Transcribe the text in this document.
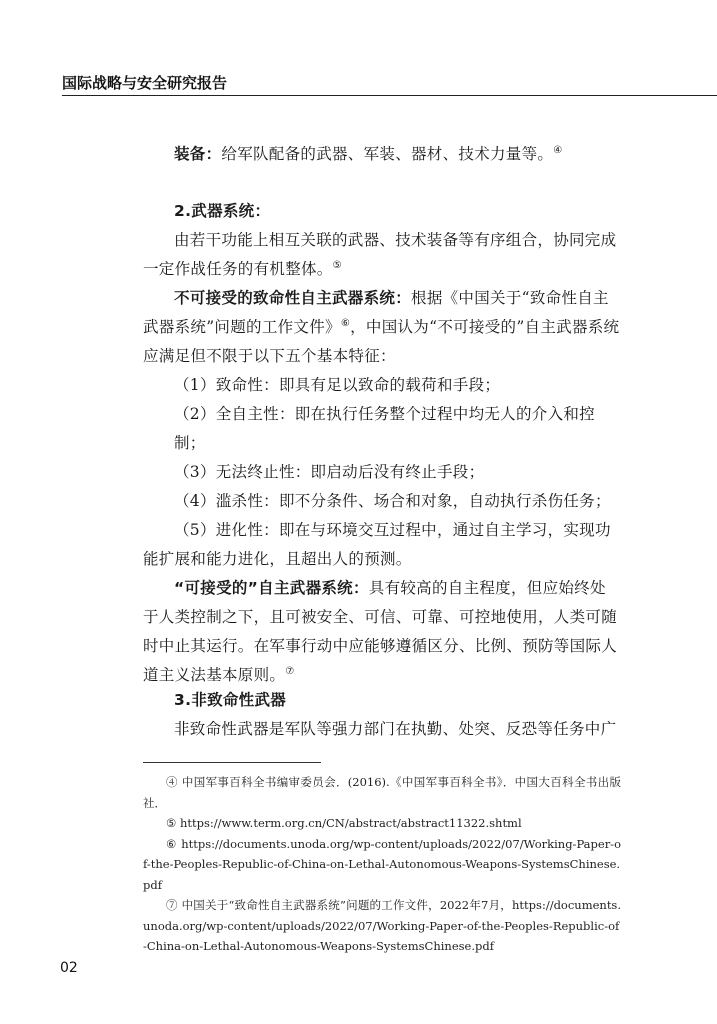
国际战略与安全研究报告

装备：给军队配备的武器、军装、器材、技术力量等。④

2.武器系统：

由若干功能上相互关联的武器、技术装备等有序组合，协同完成一定作战任务的有机整体。⑤

不可接受的致命性自主武器系统：根据《中国关于“致命性自主武器系统”问题的工作文件》⑥，中国认为“不可接受的”自主武器系统应满足但不限于以下五个基本特征：

（1）致命性：即具有足以致命的载荷和手段；

（2）全自主性：即在执行任务整个过程中均无人的介入和控制；

（3）无法终止性：即启动后没有终止手段；

（4）滥杀性：即不分条件、场合和对象，自动执行杀伤任务；

（5）进化性：即在与环境交互过程中，通过自主学习，实现功能扩展和能力进化，且超出人的预测。

“可接受的”自主武器系统：具有较高的自主程度，但应始终处于人类控制之下，且可被安全、可信、可靠、可控地使用，人类可随时中止其运行。在军事行动中应能够遵循区分、比例、预防等国际人道主义法基本原则。⑦

3.非致命性武器

非致命性武器是军队等强力部门在执勤、处突、反恐等任务中广

④ 中国军事百科全书编审委员会．(2016).《中国军事百科全书》．中国大百科全书出版社．

⑤ https://www.term.org.cn/CN/abstract/abstract11322.shtml

⑥ https://documents.unoda.org/wp-content/uploads/2022/07/Working-Paper-of-the-Peoples-Republic-of-China-on-Lethal-Autonomous-Weapons-SystemsChinese.pdf

⑦ 中国关于“致命性自主武器系统”问题的工作文件，2022年7月，https://documents.unoda.org/wp-content/uploads/2022/07/Working-Paper-of-the-Peoples-Republic-of-China-on-Lethal-Autonomous-Weapons-SystemsChinese.pdf

02
